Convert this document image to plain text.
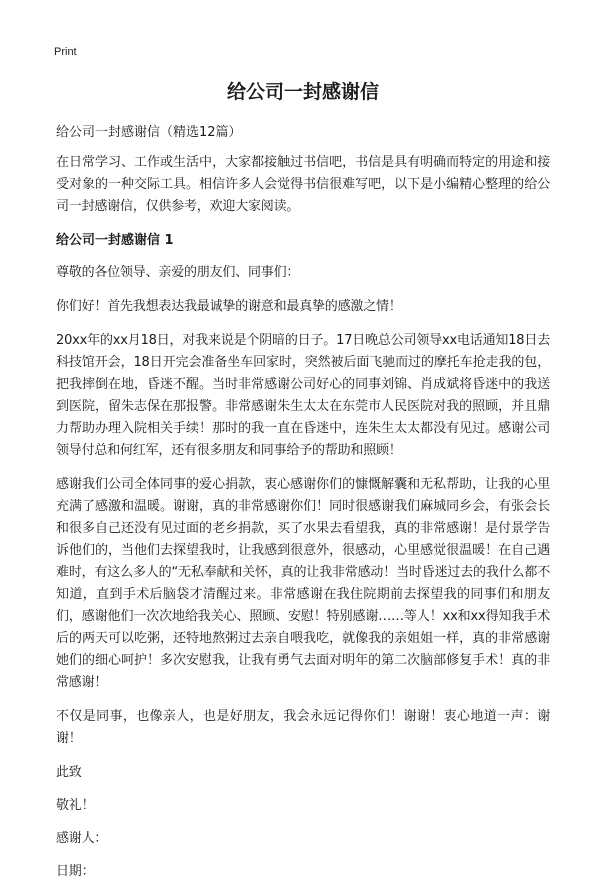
Print
给公司一封感谢信
给公司一封感谢信（精选12篇）

在日常学习、工作或生活中，大家都接触过书信吧，书信是具有明确而特定的用途和接受对象的一种交际工具。相信许多人会觉得书信很难写吧，以下是小编精心整理的给公司一封感谢信，仅供参考，欢迎大家阅读。

给公司一封感谢信 1

尊敬的各位领导、亲爱的朋友们、同事们：

你们好！首先我想表达我最诚挚的谢意和最真挚的感激之情！

20xx年的xx月18日，对我来说是个阴暗的日子。17日晚总公司领导xx电话通知18日去科技馆开会，18日开完会准备坐车回家时，突然被后面飞驰而过的摩托车抢走我的包，把我摔倒在地，昏迷不醒。当时非常感谢公司好心的同事刘锦、肖成斌将昏迷中的我送到医院，留朱志保在那报警。非常感谢朱生太太在东莞市人民医院对我的照顾，并且鼎力帮助办理入院相关手续！那时的我一直在昏迷中，连朱生太太都没有见过。感谢公司领导付总和何红军，还有很多朋友和同事给予的帮助和照顾！

感谢我们公司全体同事的爱心捐款，衷心感谢你们的慷慨解囊和无私帮助，让我的心里充满了感激和温暖。谢谢，真的非常感谢你们！同时很感谢我们麻城同乡会，有张会长和很多自己还没有见过面的老乡捐款，买了水果去看望我，真的非常感谢！是付景学告诉他们的，当他们去探望我时，让我感到很意外，很感动，心里感觉很温暖！在自己遇难时，有这么多人的“无私奉献和关怀，真的让我非常感动！当时昏迷过去的我什么都不知道，直到手术后脑袋才清醒过来。非常感谢在我住院期前去探望我的同事们和朋友们，感谢他们一次次地给我关心、照顾、安慰！特别感谢……等人！xx和xx得知我手术后的两天可以吃粥，还特地熬粥过去亲自喂我吃，就像我的亲姐姐一样，真的非常感谢她们的细心呵护！多次安慰我，让我有勇气去面对明年的第二次脑部修复手术！真的非常感谢！

不仅是同事，也像亲人，也是好朋友，我会永远记得你们！谢谢！衷心地道一声：谢谢！

此致

敬礼！

感谢人：

日期：
